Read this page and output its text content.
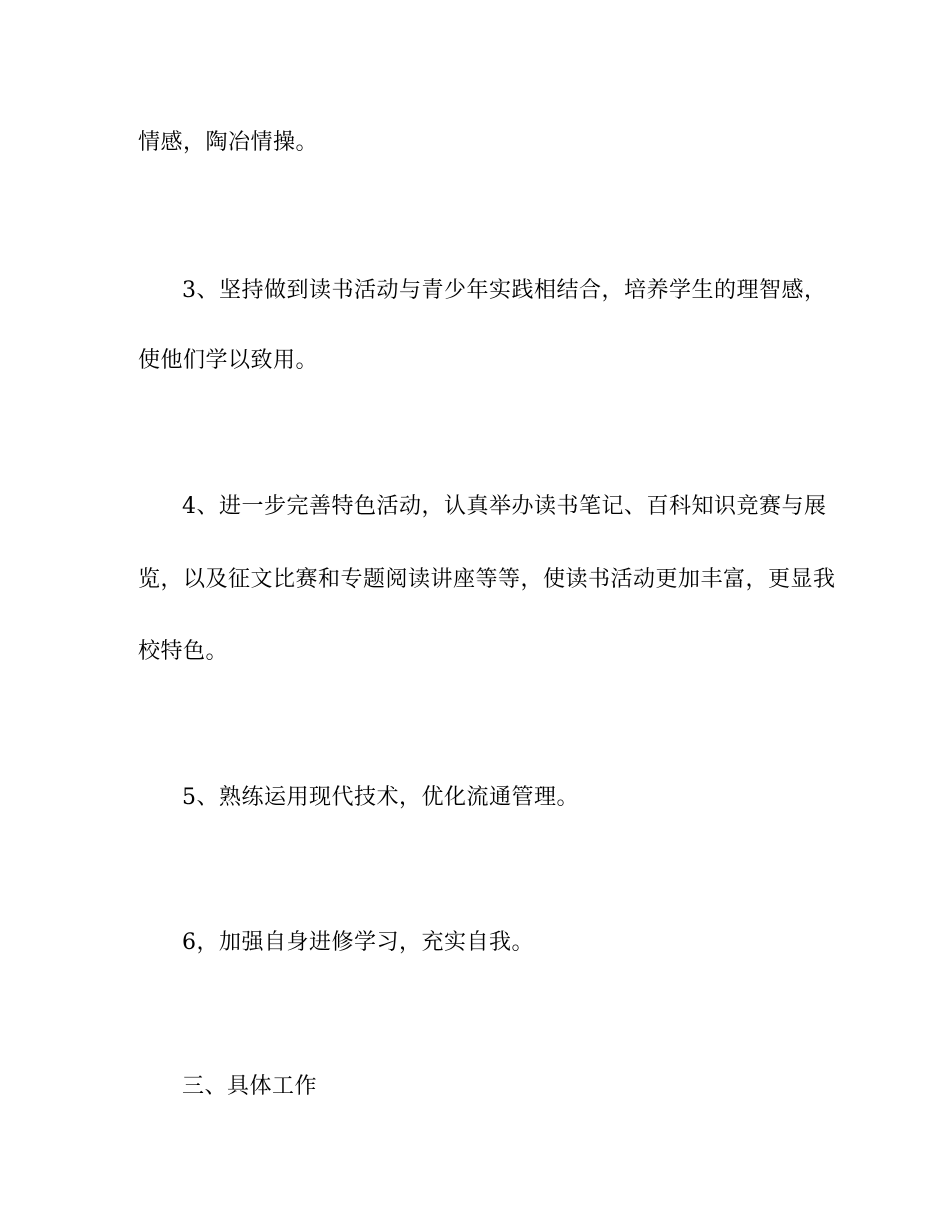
情感，陶冶情操。
3、坚持做到读书活动与青少年实践相结合，培养学生的理智感，
使他们学以致用。
4、进一步完善特色活动，认真举办读书笔记、百科知识竞赛与展
览，以及征文比赛和专题阅读讲座等等，使读书活动更加丰富，更显我
校特色。
5、熟练运用现代技术，优化流通管理。
6，加强自身进修学习，充实自我。
三、具体工作
